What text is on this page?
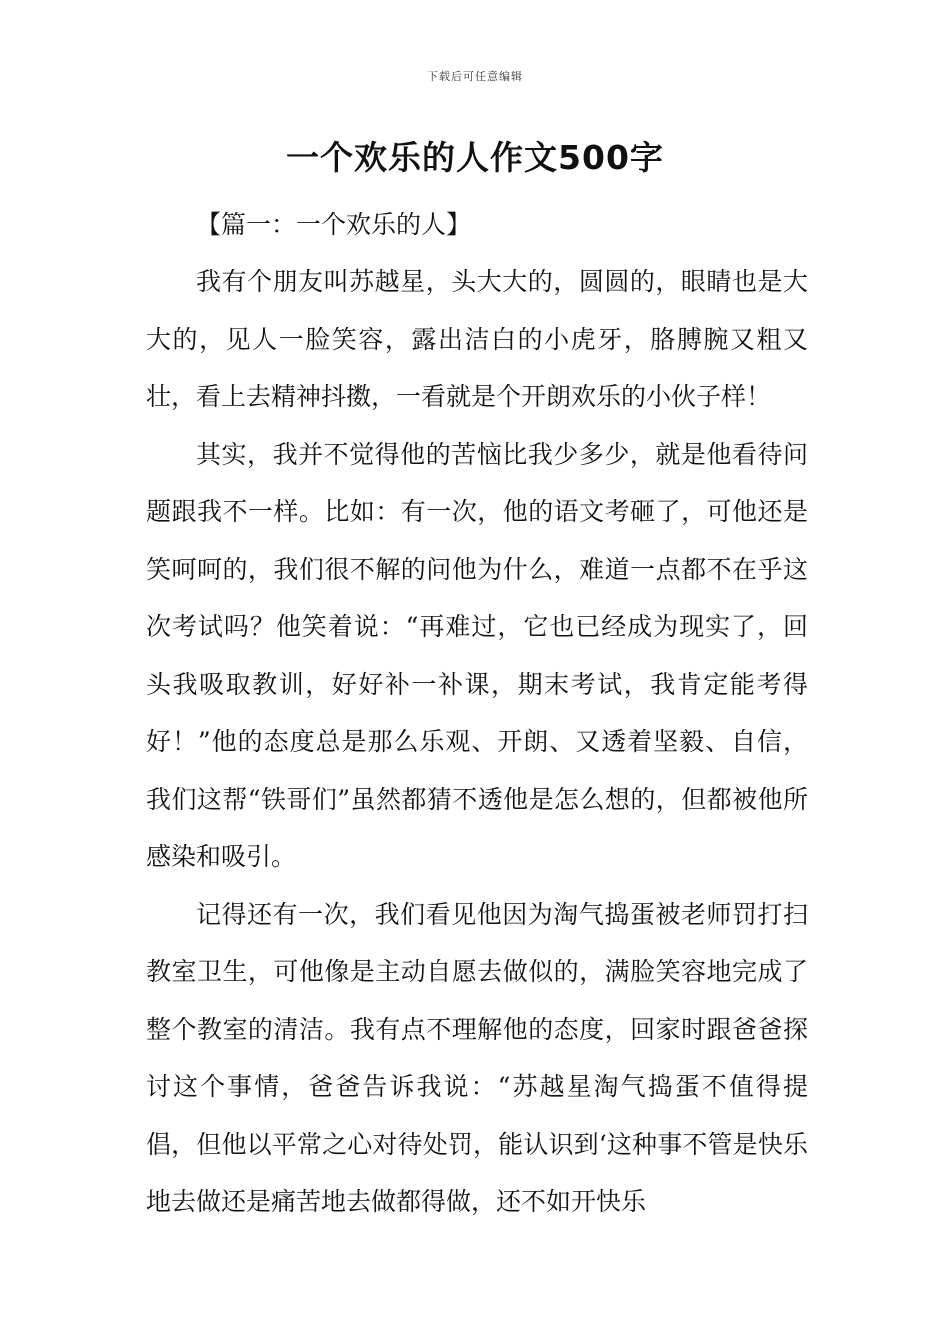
下载后可任意编辑
一个欢乐的人作文500字
【篇一：一个欢乐的人】

我有个朋友叫苏越星，头大大的，圆圆的，眼睛也是大大的，见人一脸笑容，露出洁白的小虎牙，胳膊腕又粗又壮，看上去精神抖擞，一看就是个开朗欢乐的小伙子样！

其实，我并不觉得他的苦恼比我少多少，就是他看待问题跟我不一样。比如：有一次，他的语文考砸了，可他还是笑呵呵的，我们很不解的问他为什么，难道一点都不在乎这次考试吗？他笑着说：“再难过，它也已经成为现实了，回头我吸取教训，好好补一补课，期末考试，我肯定能考得好！”他的态度总是那么乐观、开朗、又透着坚毅、自信，我们这帮“铁哥们”虽然都猜不透他是怎么想的，但都被他所感染和吸引。

记得还有一次，我们看见他因为淘气捣蛋被老师罚打扫教室卫生，可他像是主动自愿去做似的，满脸笑容地完成了整个教室的清洁。我有点不理解他的态度，回家时跟爸爸探讨这个事情，爸爸告诉我说：“苏越星淘气捣蛋不值得提倡，但他以平常之心对待处罚，能认识到‘这种事不管是快乐地去做还是痛苦地去做都得做，还不如开快乐
